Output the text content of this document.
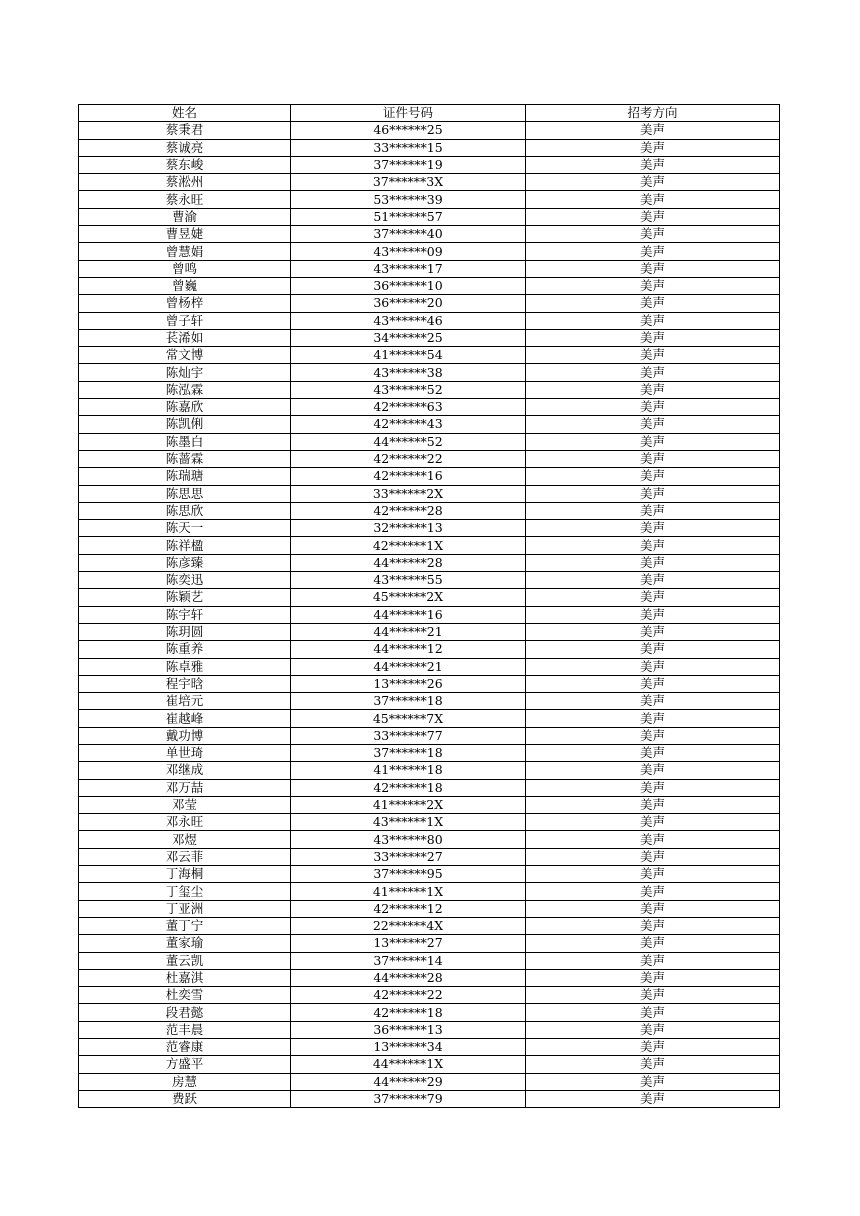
姓名	证件号码	招考方向
蔡秉君	46******25	美声
蔡诚亮	33******15	美声
蔡东峻	37******19	美声
蔡淞州	37******3X	美声
蔡永旺	53******39	美声
曹渝	51******57	美声
曹昱婕	37******40	美声
曾慧娟	43******09	美声
曾鸣	43******17	美声
曾巍	36******10	美声
曾杨梓	36******20	美声
曾子轩	43******46	美声
苌浠如	34******25	美声
常文博	41******54	美声
陈灿宇	43******38	美声
陈泓霖	43******52	美声
陈嘉欣	42******63	美声
陈凯俐	42******43	美声
陈墨白	44******52	美声
陈蔷霖	42******22	美声
陈瑞瑭	42******16	美声
陈思思	33******2X	美声
陈思欣	42******28	美声
陈天一	32******13	美声
陈祥楹	42******1X	美声
陈彦臻	44******28	美声
陈奕迅	43******55	美声
陈颖艺	45******2X	美声
陈宇轩	44******16	美声
陈玥圆	44******21	美声
陈重养	44******12	美声
陈卓雅	44******21	美声
程宇晗	13******26	美声
崔培元	37******18	美声
崔越峰	45******7X	美声
戴功博	33******77	美声
单世琦	37******18	美声
邓继成	41******18	美声
邓万喆	42******18	美声
邓莹	41******2X	美声
邓永旺	43******1X	美声
邓煜	43******80	美声
邓云菲	33******27	美声
丁海桐	37******95	美声
丁玺尘	41******1X	美声
丁亚洲	42******12	美声
董丁宁	22******4X	美声
董家瑜	13******27	美声
董云凯	37******14	美声
杜嘉淇	44******28	美声
杜奕雪	42******22	美声
段君懿	42******18	美声
范丰晨	36******13	美声
范睿康	13******34	美声
方盛平	44******1X	美声
房慧	44******29	美声
费跃	37******79	美声
